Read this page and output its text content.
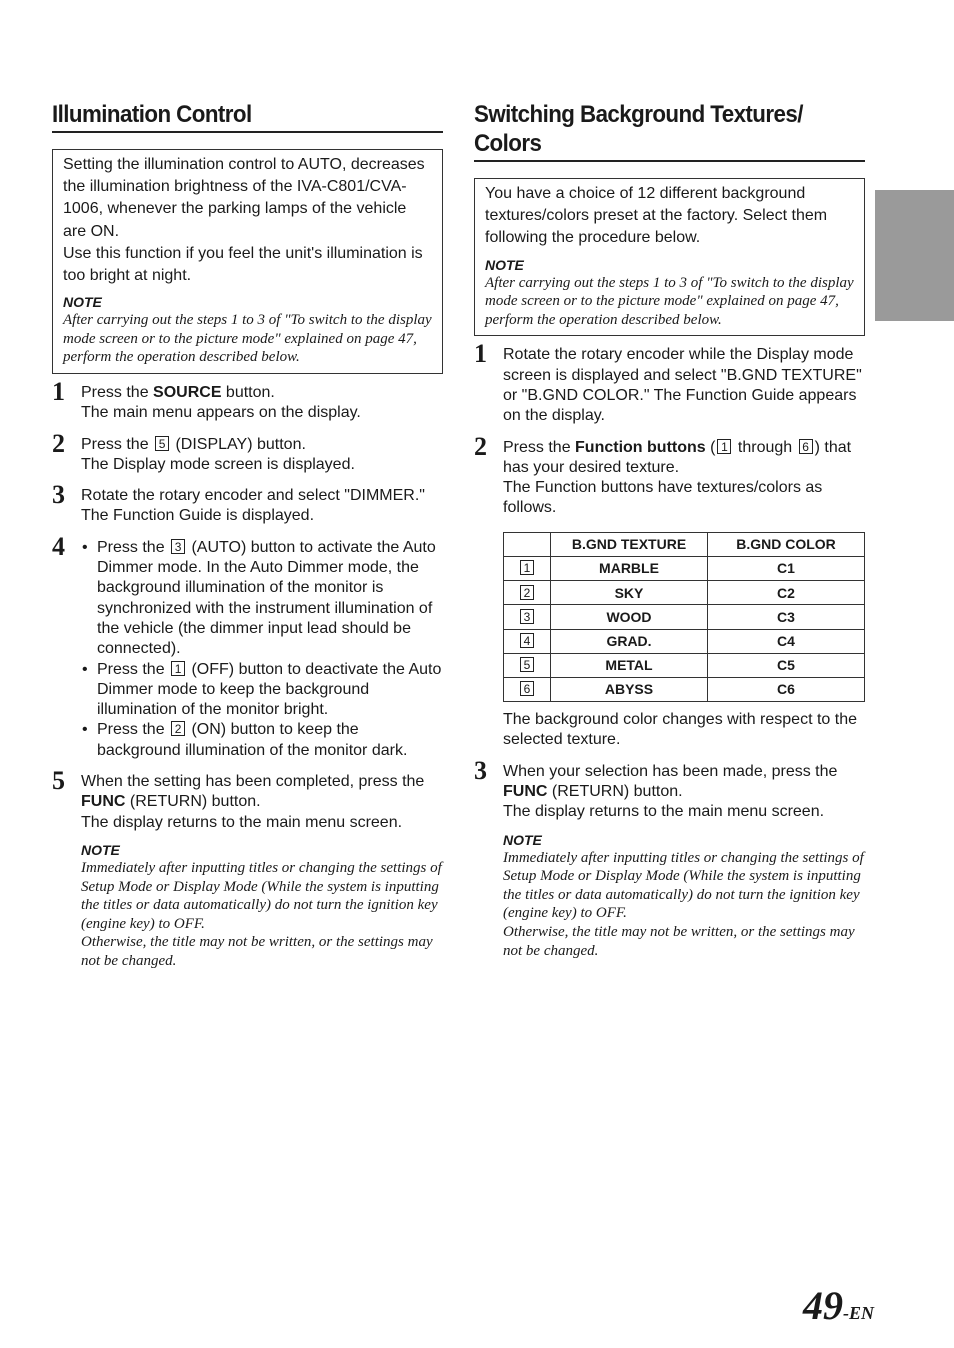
Illumination Control

Setting the illumination control to AUTO, decreases the illumination brightness of the IVA-C801/CVA-1006, whenever the parking lamps of the vehicle are ON.

Use this function if you feel the unit's illumination is too bright at night.

NOTE
After carrying out the steps 1 to 3 of "To switch to the display mode screen or to the picture mode" explained on page 47, perform the operation described below.
1 Press the SOURCE button.

The main menu appears on the display.

2 Press the 5 (DISPLAY) button.

The Display mode screen is displayed.

3 Rotate the rotary encoder and select "DIMMER."

The Function Guide is displayed.

4	• Press the 3 (AUTO) button to activate the Auto Dimmer mode. In the Auto Dimmer mode, the background illumination of the monitor is synchronized with the instrument illumination of the vehicle (the dimmer input lead should be connected).
• Press the 1 (OFF) button to deactivate the Auto Dimmer mode to keep the background illumination of the monitor bright.
• Press the 2 (ON) button to keep the background illumination of the monitor dark.
5 When the setting has been completed, press the FUNC (RETURN) button.

The display returns to the main menu screen.

NOTE
Immediately after inputting titles or changing the settings of Setup Mode or Display Mode (While the system is inputting the titles or data automatically) do not turn the ignition key (engine key) to OFF.
Otherwise, the title may not be written, or the settings may not be changed.
Switching Background Textures/
Colors

You have a choice of 12 different background textures/colors preset at the factory. Select them following the procedure below.

NOTE
After carrying out the steps 1 to 3 of "To switch to the display mode screen or to the picture mode" explained on page 47, perform the operation described below.
1 Rotate the rotary encoder while the Display mode screen is displayed and select "B.GND TEXTURE" or "B.GND COLOR." The Function Guide appears on the display.

2 Press the Function buttons ( 1 through 6 ) that has your desired texture.

The Function buttons have textures/colors as follows.

	B.GND TEXTURE	B.GND COLOR
1	MARBLE	C1
2	SKY	C2
3	WOOD	C3
4	GRAD.	C4
5	METAL	C5
6	ABYSS	C6

The background color changes with respect to the selected texture.

3 When your selection has been made, press the FUNC (RETURN) button.

The display returns to the main menu screen.

NOTE
Immediately after inputting titles or changing the settings of Setup Mode or Display Mode (While the system is inputting the titles or data automatically) do not turn the ignition key (engine key) to OFF.
Otherwise, the title may not be written, or the settings may not be changed.
49-EN
